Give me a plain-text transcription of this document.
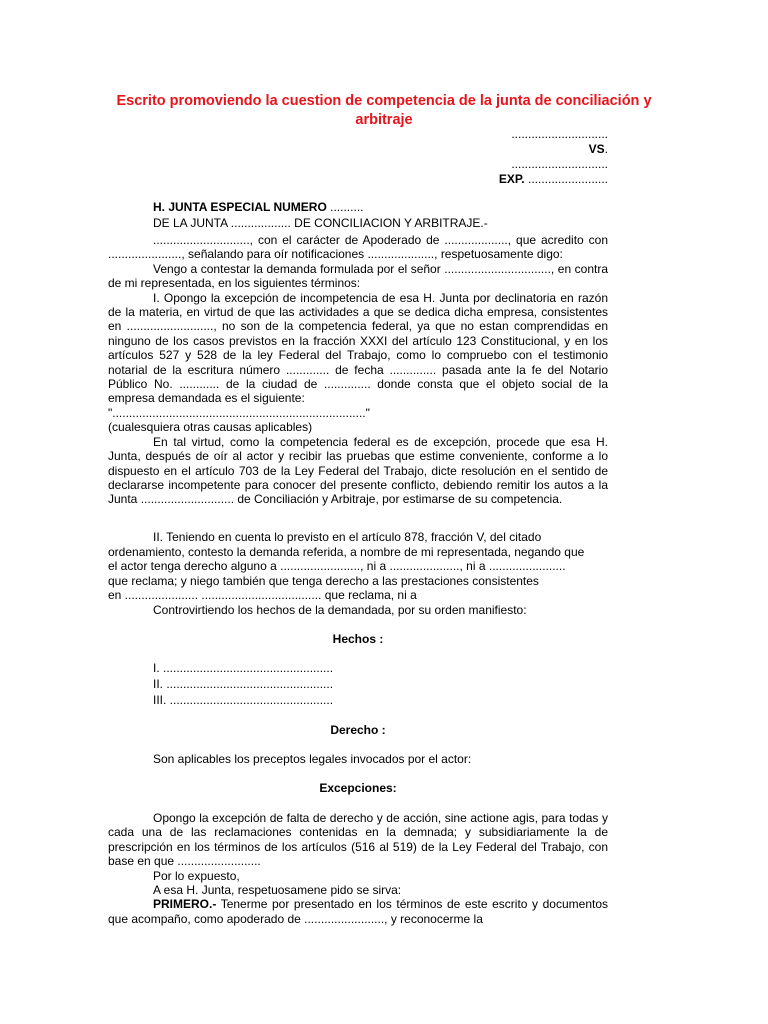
Escrito promoviendo la cuestion de competencia de la junta de conciliación y arbitraje
.............................
VS.
.............................
EXP. ........................
H. JUNTA ESPECIAL NUMERO ..........
DE LA JUNTA .................. DE CONCILIACION Y ARBITRAJE.-

............................., con el carácter de Apoderado de ..................., que acredito con ......................, señalando para oír notificaciones ...................., respetuosamente digo:

Vengo a contestar la demanda formulada por el señor ................................, en contra de mi representada, en los siguientes términos:

I. Opongo la excepción de incompetencia de esa H. Junta por declinatoria en razón de la materia, en virtud de que las actividades a que se dedica dicha empresa, consistentes en .........................., no son de la competencia federal, ya que no estan comprendidas en ninguno de los casos previstos en la fracción XXXI del artículo 123 Constitucional, y en los artículos 527 y 528 de la ley Federal del Trabajo, como lo compruebo con el testimonio notarial de la escritura número ............. de fecha .............. pasada ante la fe del Notario Público No. ............ de la ciudad de .............. donde consta que el objeto social de la empresa demandada es el siguiente:

"............................................................................"

(cualesquiera otras causas aplicables)

En tal virtud, como la competencia federal es de excepción, procede que esa H. Junta, después de oír al actor y recibir las pruebas que estime conveniente, conforme a lo dispuesto en el artículo 703 de la Ley Federal del Trabajo, dicte resolución en el sentido de declararse incompetente para conocer del presente conflicto, debiendo remitir los autos a la Junta ............................ de Conciliación y Arbitraje, por estimarse de su competencia.

II. Teniendo en cuenta lo previsto en el artículo 878, fracción V, del citado
ordenamiento, contesto la demanda referida, a nombre de mi representada, negando que
el actor tenga derecho alguno a ........................, ni a ....................., ni a .......................
que reclama; y niego también que tenga derecho a las prestaciones consistentes
en ...................... .................................... que reclama, ni a
Controvirtiendo los hechos de la demandada, por su orden manifiesto:
Hechos :
I. ...................................................
II. ..................................................
III. .................................................
Derecho :
Son aplicables los preceptos legales invocados por el actor:
Excepciones:

Opongo la excepción de falta de derecho y de acción, sine actione agis, para todas y cada una de las reclamaciones contenidas en la demnada; y subsidiariamente la de prescripción en los términos de los artículos (516 al 519) de la Ley Federal del Trabajo, con base en que .........................

Por lo expuesto,

A esa H. Junta, respetuosamene pido se sirva:

PRIMERO.- Tenerme por presentado en los términos de este escrito y documentos que acompaño, como apoderado de ........................, y reconocerme la
